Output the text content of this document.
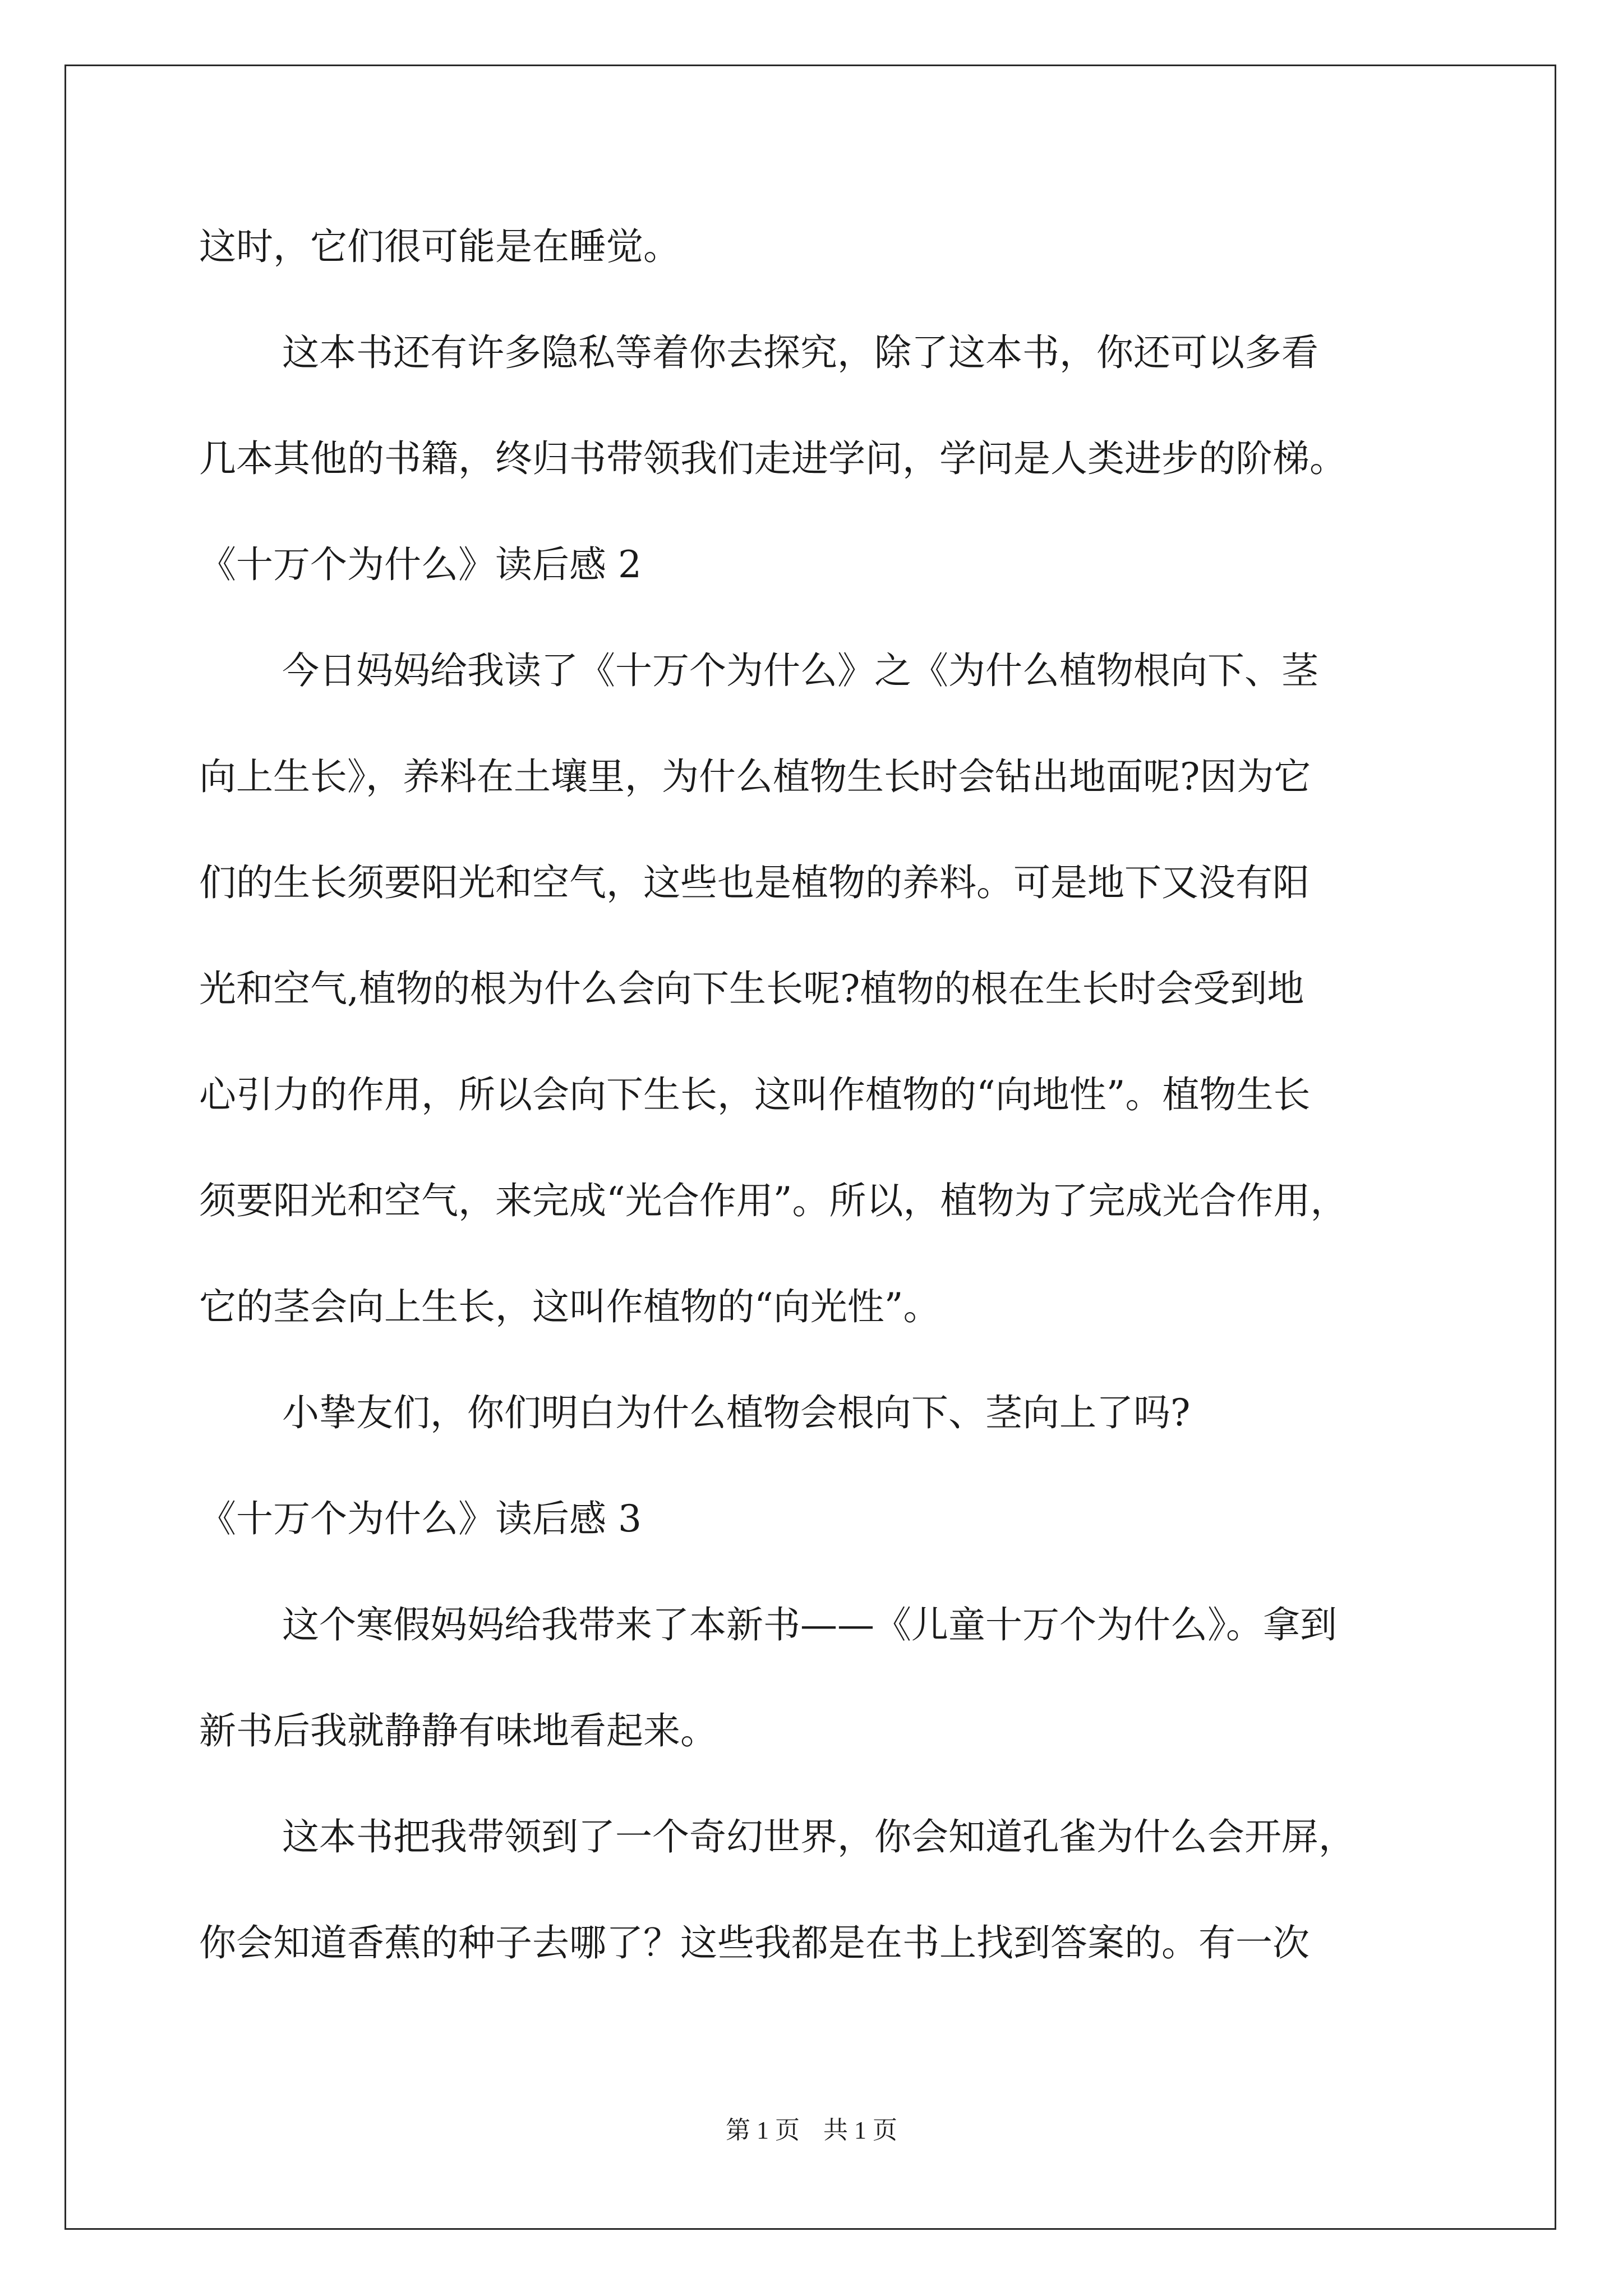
这时，它们很可能是在睡觉。
这本书还有许多隐私等着你去探究，除了这本书，你还可以多看
几本其他的书籍，终归书带领我们走进学问，学问是人类进步的阶梯。
《十万个为什么》读后感 2
今日妈妈给我读了《十万个为什么》之《为什么植物根向下、茎
向上生长》，养料在土壤里，为什么植物生长时会钻出地面呢?因为它
们的生长须要阳光和空气，这些也是植物的养料。可是地下又没有阳
光和空气,植物的根为什么会向下生长呢?植物的根在生长时会受到地
心引力的作用，所以会向下生长，这叫作植物的“向地性”。植物生长
须要阳光和空气，来完成“光合作用”。所以，植物为了完成光合作用，
它的茎会向上生长，这叫作植物的“向光性”。
小挚友们，你们明白为什么植物会根向下、茎向上了吗?
《十万个为什么》读后感 3
这个寒假妈妈给我带来了本新书——《儿童十万个为什么》。拿到
新书后我就静静有味地看起来。
这本书把我带领到了一个奇幻世界，你会知道孔雀为什么会开屏，
你会知道香蕉的种子去哪了？这些我都是在书上找到答案的。有一次
第 1 页 共 1 页
